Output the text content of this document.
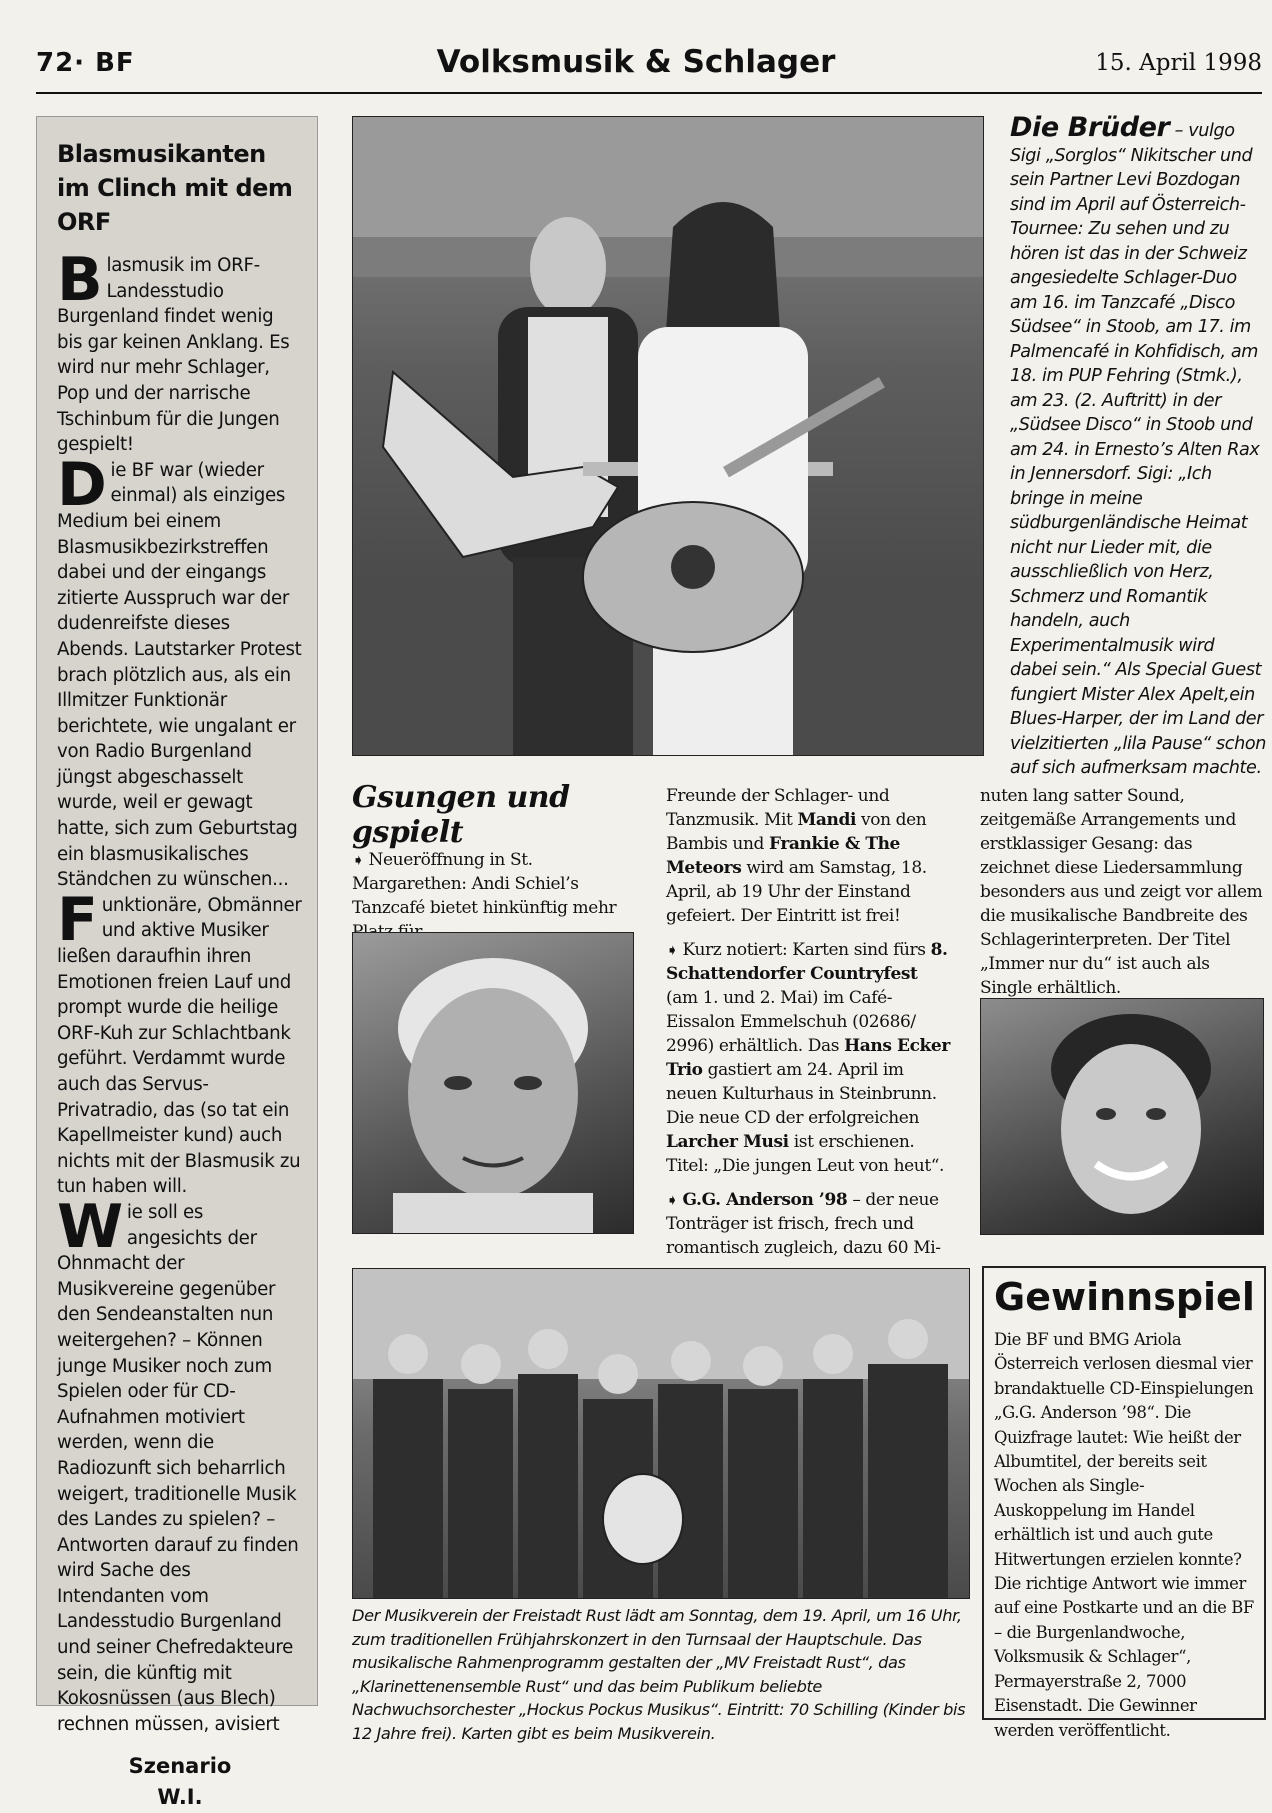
72· BF	Volksmusik & Schlager	15. April 1998
Blasmusikanten im Clinch mit dem ORF

Blasmusik im ORF-Landesstudio Burgenland findet wenig bis gar keinen Anklang. Es wird nur mehr Schlager, Pop und der narrische Tschinbum für die Jungen gespielt!

Die BF war (wieder einmal) als einziges Medium bei einem Blasmusikbezirkstreffen dabei und der eingangs zitierte Ausspruch war der dudenreifste dieses Abends. Lautstarker Protest brach plötzlich aus, als ein Illmitzer Funktionär berichtete, wie ungalant er von Radio Burgenland jüngst abgeschasselt wurde, weil er gewagt hatte, sich zum Geburtstag ein blasmusikalisches Ständchen zu wünschen...

Funktionäre, Obmänner und aktive Musiker ließen daraufhin ihren Emotionen freien Lauf und prompt wurde die heilige ORF-Kuh zur Schlachtbank geführt. Verdammt wurde auch das Servus-Privatradio, das (so tat ein Kapellmeister kund) auch nichts mit der Blasmusik zu tun haben will.

Wie soll es angesichts der Ohnmacht der Musikvereine gegenüber den Sendeanstalten nun weitergehen? – Können junge Musiker noch zum Spielen oder für CD-Aufnahmen motiviert werden, wenn die Radiozunft sich beharrlich weigert, traditionelle Musik des Landes zu spielen? – Antworten darauf zu finden wird Sache des Intendanten vom Landesstudio Burgenland und seiner Chefredakteure sein, die künftig mit Kokosnüssen (aus Blech) rechnen müssen, avisiert

Szenario
W.I.
Die Brüder – vulgo Sigi „Sorglos“ Nikitscher und sein Partner Levi Bozdogan sind im April auf Österreich-Tournee: Zu sehen und zu hören ist das in der Schweiz angesiedelte Schlager-Duo am 16. im Tanzcafé „Disco Südsee“ in Stoob, am 17. im Palmencafé in Kohfidisch, am 18. im PUP Fehring (Stmk.), am 23. (2. Auftritt) in der „Südsee Disco“ in Stoob und am 24. in Ernesto’s Alten Rax in Jennersdorf. Sigi: „Ich bringe in meine südburgenländische Heimat nicht nur Lieder mit, die ausschließlich von Herz, Schmerz und Romantik handeln, auch Experimentalmusik wird dabei sein.“ Als Special Guest fungiert Mister Alex Apelt,ein Blues-Harper, der im Land der vielzitierten „lila Pause“ schon auf sich aufmerksam machte.
Gsungen und gspielt

➧ Neueröffnung in St. Margarethen: Andi Schiel’s Tanzcafé bietet hinkünftig mehr

Freunde der Schlager- und Tanzmusik. Mit Mandi von den Bambis und Frankie & The Meteors wird am Samstag, 18. April, ab 19 Uhr der Einstand gefeiert. Der Eintritt ist frei!

➧ Kurz notiert: Karten sind fürs 8. Schattendorfer Countryfest (am 1. und 2. Mai) im Café-Eissalon Emmelschuh (02686/ 2996) erhältlich. Das Hans Ecker Trio gastiert am 24. April im neuen Kulturhaus in Steinbrunn. Die neue CD der erfolgreichen Larcher Musi ist erschienen. Titel: „Die jungen Leut von heut“.

➧ G.G. Anderson ’98 – der neue Tonträger ist frisch, frech und romantisch zugleich, dazu 60 Mi-

nuten lang satter Sound, zeitgemäße Arrangements und erstklassiger Gesang: das zeichnet diese Liedersammlung besonders aus und zeigt vor allem die musikalische Bandbreite des Schlagerinterpreten. Der Titel „Immer nur du“ ist auch als Single erhältlich.

Der Musikverein der Freistadt Rust lädt am Sonntag, dem 19. April, um 16 Uhr, zum traditionellen Frühjahrskonzert in den Turnsaal der Hauptschule. Das musikalische Rahmenprogramm gestalten der „MV Freistadt Rust“, das „Klarinettenensemble Rust“ und das beim Publikum beliebte Nachwuchsorchester „Hockus Pockus Musikus“. Eintritt: 70 Schilling (Kinder bis 12 Jahre frei). Karten gibt es beim Musikverein.
Gewinnspiel
Die BF und BMG Ariola Österreich verlosen diesmal vier brandaktuelle CD-Einspielungen „G.G. Anderson ’98“. Die Quizfrage lautet: Wie heißt der Albumtitel, der bereits seit Wochen als Single-Auskoppelung im Handel erhältlich ist und auch gute Hitwertungen erzielen konnte? Die richtige Antwort wie immer auf eine Postkarte und an die BF – die Burgenlandwoche, Volksmusik & Schlager“, Permayerstraße 2, 7000 Eisenstadt. Die Gewinner werden veröffentlicht.
